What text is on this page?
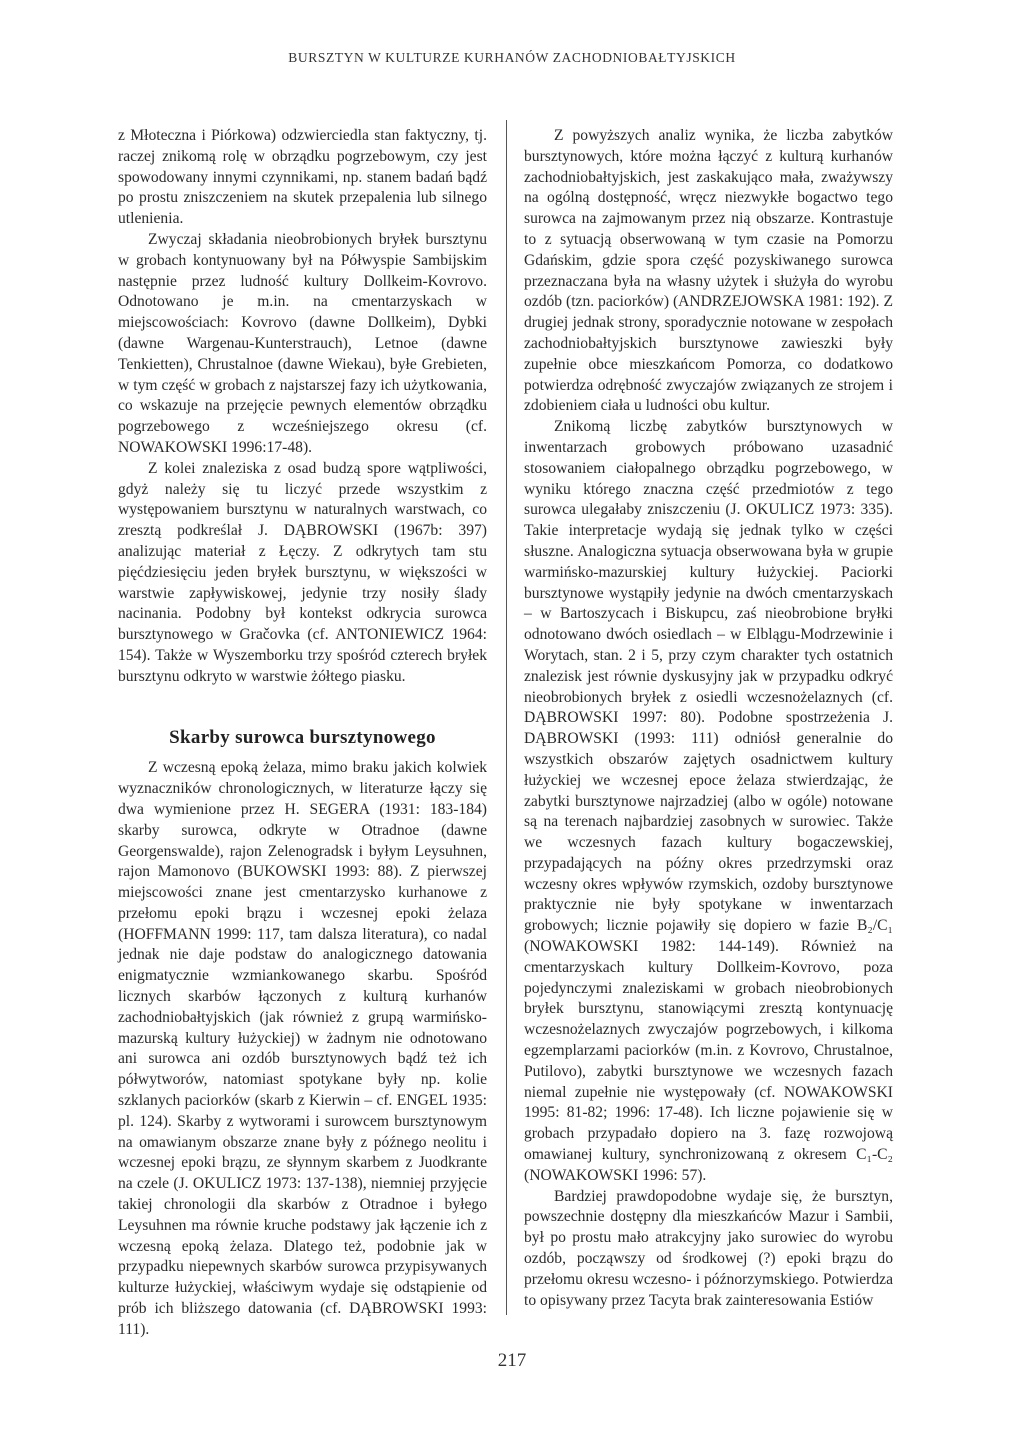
BURSZTYN W KULTURZE KURHANÓW ZACHODNIOBAŁTYJSKICH

z Młoteczna i Piórkowa) odzwierciedla stan faktyczny, tj. raczej znikomą rolę w obrządku pogrzebowym, czy jest spowodowany innymi czynnikami, np. stanem badań bądź po prostu zniszczeniem na skutek przepalenia lub silnego utlenienia.

Zwyczaj składania nieobrobionych bryłek bursztynu w grobach kontynuowany był na Półwyspie Sambijskim następnie przez ludność kultury Dollkeim-Kovrovo. Odnotowano je m.in. na cmentarzyskach w miejscowościach: Kovrovo (dawne Dollkeim), Dybki (dawne Wargenau-Kunterstrauch), Letnoe (dawne Tenkietten), Chrustalnoe (dawne Wiekau), byłe Grebieten, w tym część w grobach z najstarszej fazy ich użytkowania, co wskazuje na przejęcie pewnych elementów obrządku pogrzebowego z wcześniejszego okresu (cf. NOWAKOWSKI 1996:17-48).

Z kolei znaleziska z osad budzą spore wątpliwości, gdyż należy się tu liczyć przede wszystkim z występowaniem bursztynu w naturalnych warstwach, co zresztą podkreślał J. DĄBROWSKI (1967b: 397) analizując materiał z Łęczy. Z odkrytych tam stu pięćdziesięciu jeden bryłek bursztynu, w większości w warstwie zapływiskowej, jedynie trzy nosiły ślady nacinania. Podobny był kontekst odkrycia surowca bursztynowego w Gračovka (cf. ANTONIEWICZ 1964: 154). Także w Wyszemborku trzy spośród czterech bryłek bursztynu odkryto w warstwie żółtego piasku.

Skarby surowca bursztynowego

Z wczesną epoką żelaza, mimo braku jakich kolwiek wyznaczników chronologicznych, w literaturze łączy się dwa wymienione przez H. SEGERA (1931: 183-184) skarby surowca, odkryte w Otradnoe (dawne Georgenswalde), rajon Zelenogradsk i byłym Leysuhnen, rajon Mamonovo (BUKOWSKI 1993: 88). Z pierwszej miejscowości znane jest cmentarzysko kurhanowe z przełomu epoki brązu i wczesnej epoki żelaza (HOFFMANN 1999: 117, tam dalsza literatura), co nadal jednak nie daje podstaw do analogicznego datowania enigmatycznie wzmiankowanego skarbu. Spośród licznych skarbów łączonych z kulturą kurhanów zachodniobałtyjskich (jak również z grupą warmińsko-mazurską kultury łużyckiej) w żadnym nie odnotowano ani surowca ani ozdób bursztynowych bądź też ich półwytworów, natomiast spotykane były np. kolie szklanych paciorków (skarb z Kierwin – cf. ENGEL 1935: pl. 124). Skarby z wytworami i surowcem bursztynowym na omawianym obszarze znane były z późnego neolitu i wczesnej epoki brązu, ze słynnym skarbem z Juodkrante na czele (J. OKULICZ 1973: 137-138), niemniej przyjęcie takiej chronologii dla skarbów z Otradnoe i byłego Leysuhnen ma równie kruche podstawy jak łączenie ich z wczesną epoką żelaza. Dlatego też, podobnie jak w przypadku niepewnych skarbów surowca przypisywanych kulturze łużyckiej, właściwym wydaje się odstąpienie od prób ich bliższego datowania (cf. DĄBROWSKI 1993: 111).

Z powyższych analiz wynika, że liczba zabytków bursztynowych, które można łączyć z kulturą kurhanów zachodniobałtyjskich, jest zaskakująco mała, zważywszy na ogólną dostępność, wręcz niezwykłe bogactwo tego surowca na zajmowanym przez nią obszarze. Kontrastuje to z sytuacją obserwowaną w tym czasie na Pomorzu Gdańskim, gdzie spora część pozyskiwanego surowca przeznaczana była na własny użytek i służyła do wyrobu ozdób (tzn. paciorków) (ANDRZEJOWSKA 1981: 192). Z drugiej jednak strony, sporadycznie notowane w zespołach zachodniobałtyjskich bursztynowe zawieszki były zupełnie obce mieszkańcom Pomorza, co dodatkowo potwierdza odrębność zwyczajów związanych ze strojem i zdobieniem ciała u ludności obu kultur.

Znikomą liczbę zabytków bursztynowych w inwentarzach grobowych próbowano uzasadnić stosowaniem ciałopalnego obrządku pogrzebowego, w wyniku którego znaczna część przedmiotów z tego surowca ulegałaby zniszczeniu (J. OKULICZ 1973: 335). Takie interpretacje wydają się jednak tylko w części słuszne. Analogiczna sytuacja obserwowana była w grupie warmińsko-mazurskiej kultury łużyckiej. Paciorki bursztynowe wystąpiły jedynie na dwóch cmentarzyskach – w Bartoszycach i Biskupcu, zaś nieobrobione bryłki odnotowano dwóch osiedlach – w Elblągu-Modrzewinie i Worytach, stan. 2 i 5, przy czym charakter tych ostatnich znalezisk jest równie dyskusyjny jak w przypadku odkryć nieobrobionych bryłek z osiedli wczesnożelaznych (cf. DĄBROWSKI 1997: 80). Podobne spostrzeżenia J. DĄBROWSKI (1993: 111) odniósł generalnie do wszystkich obszarów zajętych osadnictwem kultury łużyckiej we wczesnej epoce żelaza stwierdzając, że zabytki bursztynowe najrzadziej (albo w ogóle) notowane są na terenach najbardziej zasobnych w surowiec. Także we wczesnych fazach kultury bogaczewskiej, przypadających na późny okres przedrzymski oraz wczesny okres wpływów rzymskich, ozdoby bursztynowe praktycznie nie były spotykane w inwentarzach grobowych; licznie pojawiły się dopiero w fazie B₂/C₁ (NOWAKOWSKI 1982: 144-149). Również na cmentarzyskach kultury Dollkeim-Kovrovo, poza pojedynczymi znaleziskami w grobach nieobrobionych bryłek bursztynu, stanowiącymi zresztą kontynuację wczesnożelaznych zwyczajów pogrzebowych, i kilkoma egzemplarzami paciorków (m.in. z Kovrovo, Chrustalnoe, Putilovo), zabytki bursztynowe we wczesnych fazach niemal zupełnie nie występowały (cf. NOWAKOWSKI 1995: 81-82; 1996: 17-48). Ich liczne pojawienie się w grobach przypadało dopiero na 3. fazę rozwojową omawianej kultury, synchronizowaną z okresem C₁-C₂ (NOWAKOWSKI 1996: 57).

Bardziej prawdopodobne wydaje się, że bursztyn, powszechnie dostępny dla mieszkańców Mazur i Sambii, był po prostu mało atrakcyjny jako surowiec do wyrobu ozdób, począwszy od środkowej (?) epoki brązu do przełomu okresu wczesno- i późnorzymskiego. Potwierdza to opisywany przez Tacyta brak zainteresowania Estiów

217
